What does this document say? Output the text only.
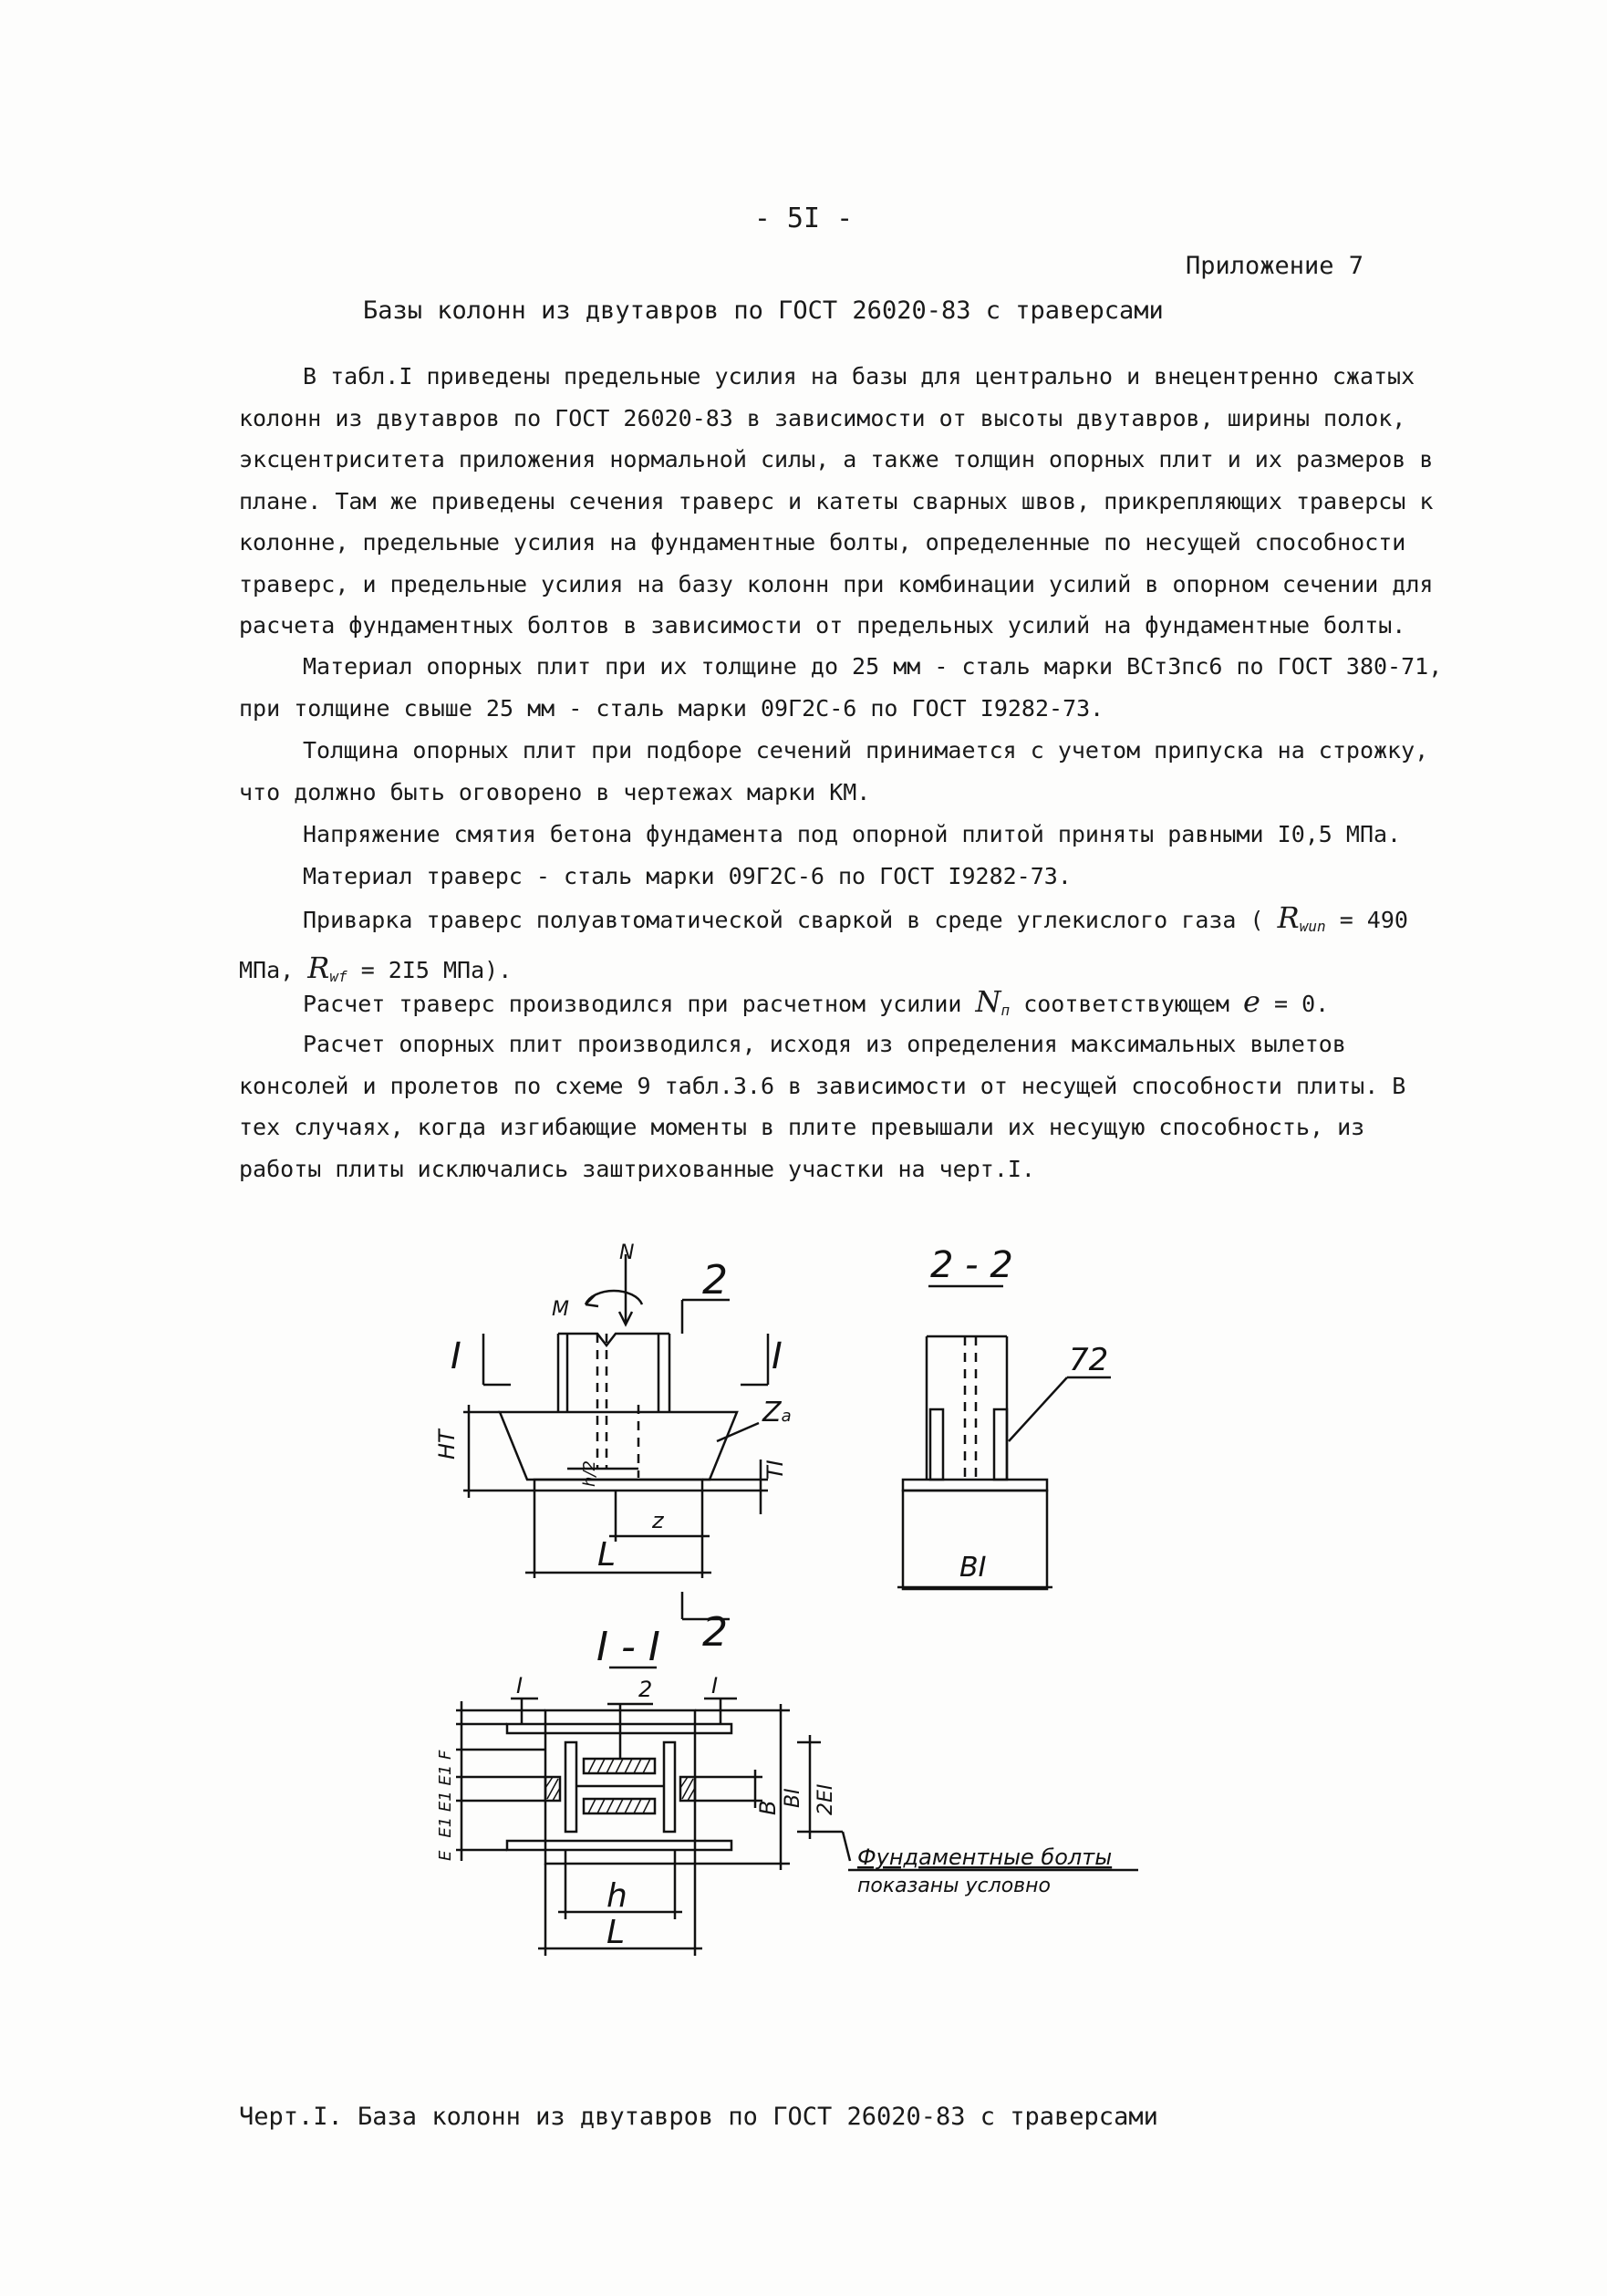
- 5I -
Приложение 7
Базы колонн из двутавров по ГОСТ 26020-83 с траверсами

В табл.I приведены предельные усилия на базы для центрально и внецентренно сжатых колонн из двутавров по ГОСТ 26020-83 в зависимости от высоты двутавров, ширины полок, эксцентриситета приложения нормальной силы, а также толщин опорных плит и их размеров в плане. Там же приведены сечения траверс и катеты сварных швов, прикрепляющих траверсы к колонне, предельные усилия на фундаментные болты, определенные по несущей способности траверс, и предельные усилия на базу колонн при комбинации усилий в опорном сечении для расчета фундаментных болтов в зависимости от предельных усилий на фундаментные болты.

Материал опорных плит при их толщине до 25 мм - сталь марки ВСт3пс6 по ГОСТ 380-71, при толщине свыше 25 мм - сталь марки 09Г2С-6 по ГОСТ I9282-73.

Толщина опорных плит при подборе сечений принимается с учетом припуска на строжку, что должно быть оговорено в чертежах марки КМ.

Напряжение смятия бетона фундамента под опорной плитой приняты равными I0,5 МПа.

Материал траверс - сталь марки 09Г2С-6 по ГОСТ I9282-73.

Приварка траверс полуавтоматической сваркой в среде углекислого газа ( $R_{wun} = 490$ МПа, $R_{wf} = 2I5$ МПа).

Расчет траверс производился при расчетном усилии $N_п$ соответствующем e = 0.

Расчет опорных плит производился, исходя из определения максимальных вылетов консолей и пролетов по схеме 9 табл.3.6 в зависимости от несущей способности плиты. В тех случаях, когда изгибающие моменты в плите превышали их несущую способность, из работы плиты исключались заштрихованные участки на черт.I.

N
M
2
I	I
Za
HT
TI
h/2
z
L
2
2 - 2
72
BI
I - I
I	2	I
EE1 E1 E1 F	B BI 2EI
h
L
Фундаментные болты
показаны условно
Черт.I. База колонн из двутавров по ГОСТ 26020-83 с траверсами
